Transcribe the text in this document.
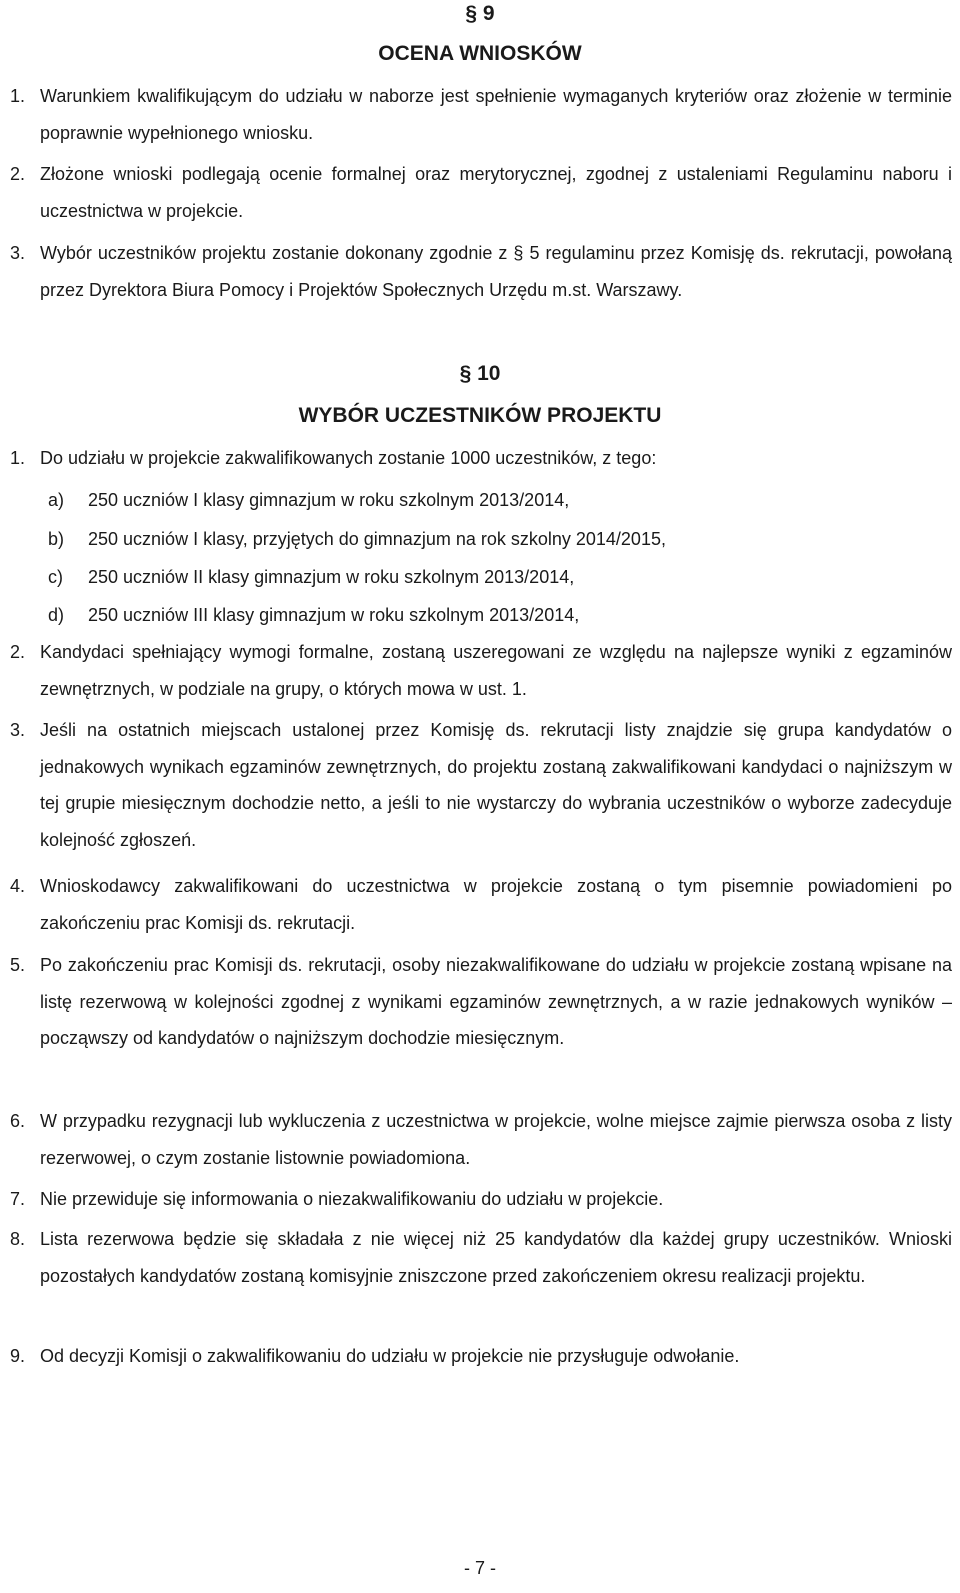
§ 9
OCENA WNIOSKÓW
1. Warunkiem kwalifikującym do udziału w naborze jest spełnienie wymaganych kryteriów oraz złożenie w terminie poprawnie wypełnionego wniosku.
2. Złożone wnioski podlegają ocenie formalnej oraz merytorycznej, zgodnej z ustaleniami Regulaminu naboru i uczestnictwa w projekcie.
3. Wybór uczestników projektu zostanie dokonany zgodnie z § 5 regulaminu przez Komisję ds. rekrutacji, powołaną przez Dyrektora Biura Pomocy i Projektów Społecznych Urzędu m.st. Warszawy.
§ 10
WYBÓR UCZESTNIKÓW PROJEKTU
1. Do udziału w projekcie zakwalifikowanych zostanie 1000 uczestników, z tego:
a) 250 uczniów I klasy gimnazjum w roku szkolnym 2013/2014,
b) 250 uczniów I klasy, przyjętych do gimnazjum na rok szkolny 2014/2015,
c) 250 uczniów II klasy gimnazjum w roku szkolnym 2013/2014,
d) 250 uczniów III klasy gimnazjum w roku szkolnym 2013/2014,
2. Kandydaci spełniający wymogi formalne, zostaną uszeregowani ze względu na najlepsze wyniki z egzaminów zewnętrznych, w podziale na grupy, o których mowa w ust. 1.
3. Jeśli na ostatnich miejscach ustalonej przez Komisję ds. rekrutacji listy znajdzie się grupa kandydatów o jednakowych wynikach egzaminów zewnętrznych, do projektu zostaną zakwalifikowani kandydaci o najniższym w tej grupie miesięcznym dochodzie netto, a jeśli to nie wystarczy do wybrania uczestników o wyborze zadecyduje kolejność zgłoszeń.
4. Wnioskodawcy zakwalifikowani do uczestnictwa w projekcie zostaną o tym pisemnie powiadomieni po zakończeniu prac Komisji ds. rekrutacji.
5. Po zakończeniu prac Komisji ds. rekrutacji, osoby niezakwalifikowane do udziału w projekcie zostaną wpisane na listę rezerwową w kolejności zgodnej z wynikami egzaminów zewnętrznych, a w razie jednakowych wyników – począwszy od kandydatów o najniższym dochodzie miesięcznym.
6. W przypadku rezygnacji lub wykluczenia z uczestnictwa w projekcie, wolne miejsce zajmie pierwsza osoba z listy rezerwowej, o czym zostanie listownie powiadomiona.
7. Nie przewiduje się informowania o niezakwalifikowaniu do udziału w projekcie.
8. Lista rezerwowa będzie się składała z nie więcej niż 25 kandydatów dla każdej grupy uczestników. Wnioski pozostałych kandydatów zostaną komisyjnie zniszczone przed zakończeniem okresu realizacji projektu.
9. Od decyzji Komisji o zakwalifikowaniu do udziału w projekcie nie przysługuje odwołanie.
- 7 -
